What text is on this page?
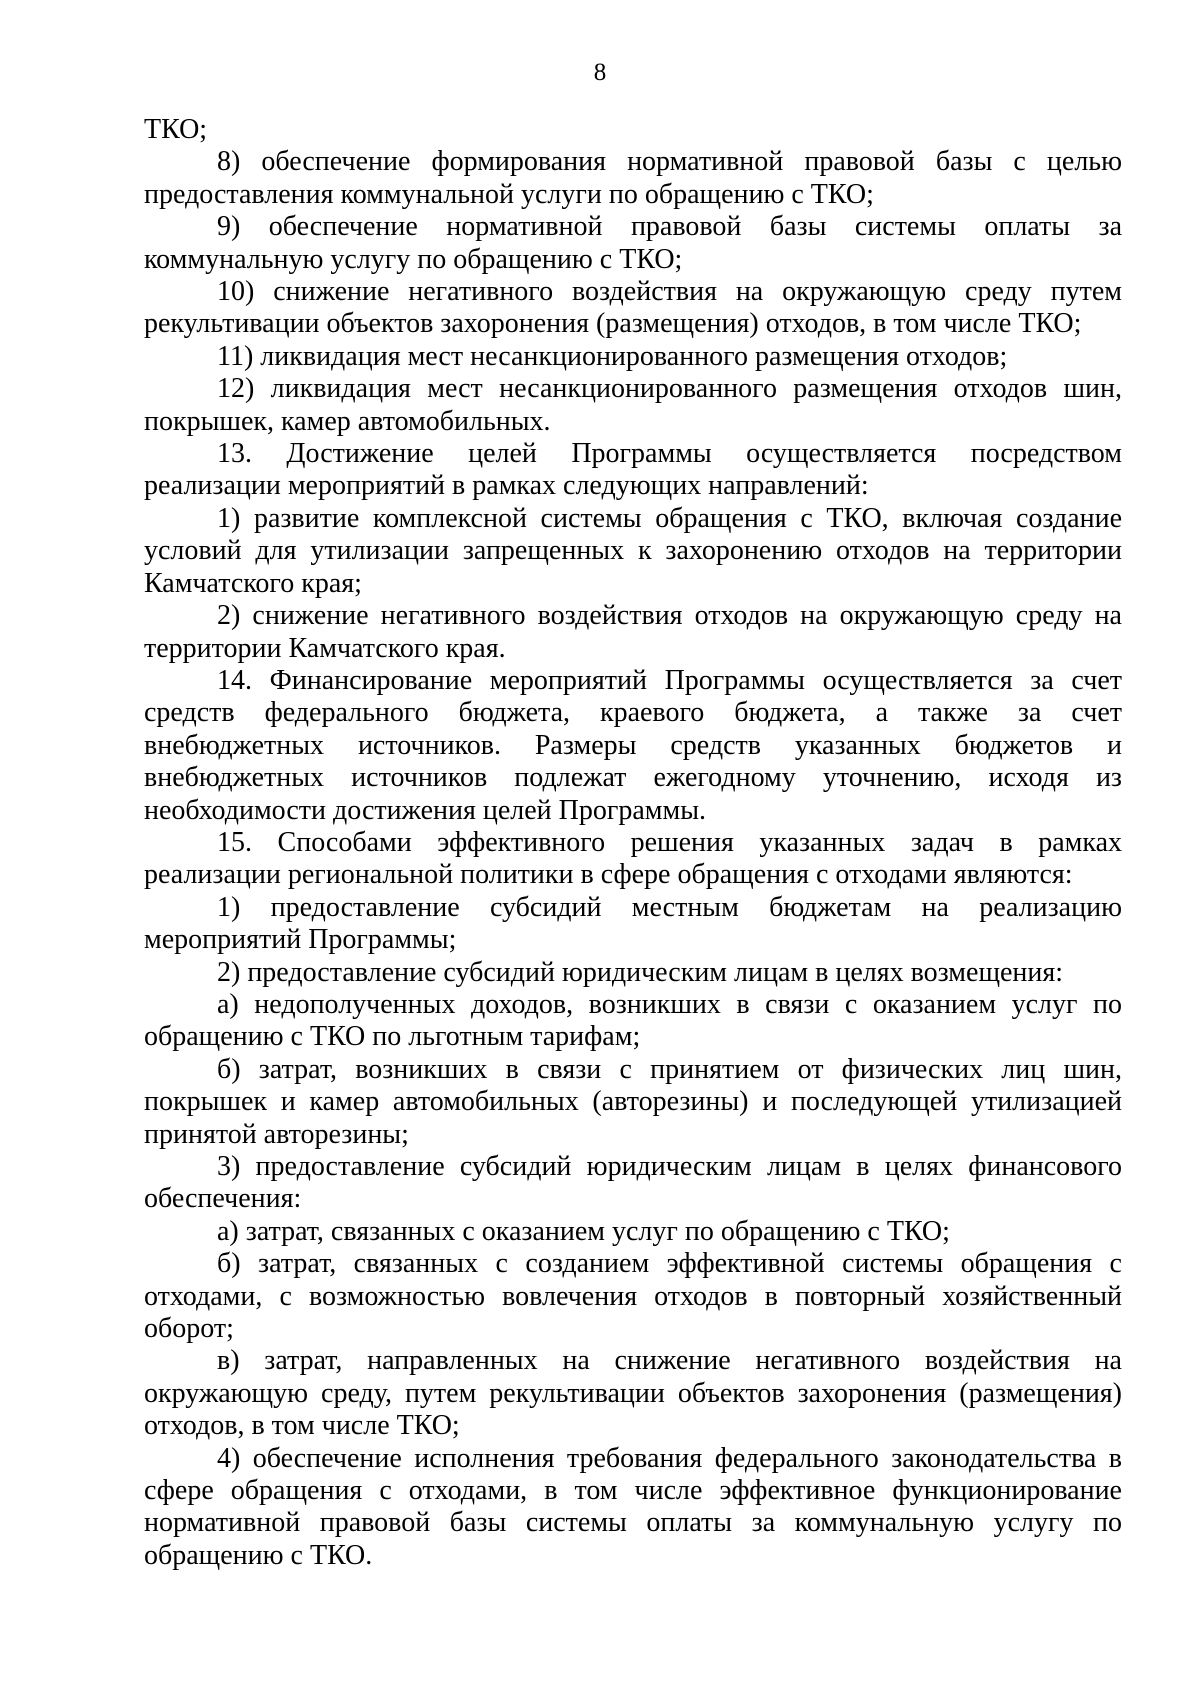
8

ТКО;

8) обеспечение формирования нормативной правовой базы с целью предоставления коммунальной услуги по обращению с ТКО;

9) обеспечение нормативной правовой базы системы оплаты за коммунальную услугу по обращению с ТКО;

10) снижение негативного воздействия на окружающую среду путем рекультивации объектов захоронения (размещения) отходов, в том числе ТКО;

11) ликвидация мест несанкционированного размещения отходов;

12) ликвидация мест несанкционированного размещения отходов шин, покрышек, камер автомобильных.

13. Достижение целей Программы осуществляется посредством реализации мероприятий в рамках следующих направлений:

1) развитие комплексной системы обращения с ТКО, включая создание условий для утилизации запрещенных к захоронению отходов на территории Камчатского края;

2) снижение негативного воздействия отходов на окружающую среду на территории Камчатского края.

14. Финансирование мероприятий Программы осуществляется за счет средств федерального бюджета, краевого бюджета, а также за счет внебюджетных источников. Размеры средств указанных бюджетов и внебюджетных источников подлежат ежегодному уточнению, исходя из необходимости достижения целей Программы.

15. Способами эффективного решения указанных задач в рамках реализации региональной политики в сфере обращения с отходами являются:

1) предоставление субсидий местным бюджетам на реализацию мероприятий Программы;

2) предоставление субсидий юридическим лицам в целях возмещения:

а) недополученных доходов, возникших в связи с оказанием услуг по обращению с ТКО по льготным тарифам;

б) затрат, возникших в связи с принятием от физических лиц шин, покрышек и камер автомобильных (авторезины) и последующей утилизацией принятой авторезины;

3) предоставление субсидий юридическим лицам в целях финансового обеспечения:

а) затрат, связанных с оказанием услуг по обращению с ТКО;

б) затрат, связанных с созданием эффективной системы обращения с отходами, с возможностью вовлечения отходов в повторный хозяйственный оборот;

в) затрат, направленных на снижение негативного воздействия на окружающую среду, путем рекультивации объектов захоронения (размещения) отходов, в том числе ТКО;

4) обеспечение исполнения требования федерального законодательства в сфере обращения с отходами, в том числе эффективное функционирование нормативной правовой базы системы оплаты за коммунальную услугу по обращению с ТКО.
